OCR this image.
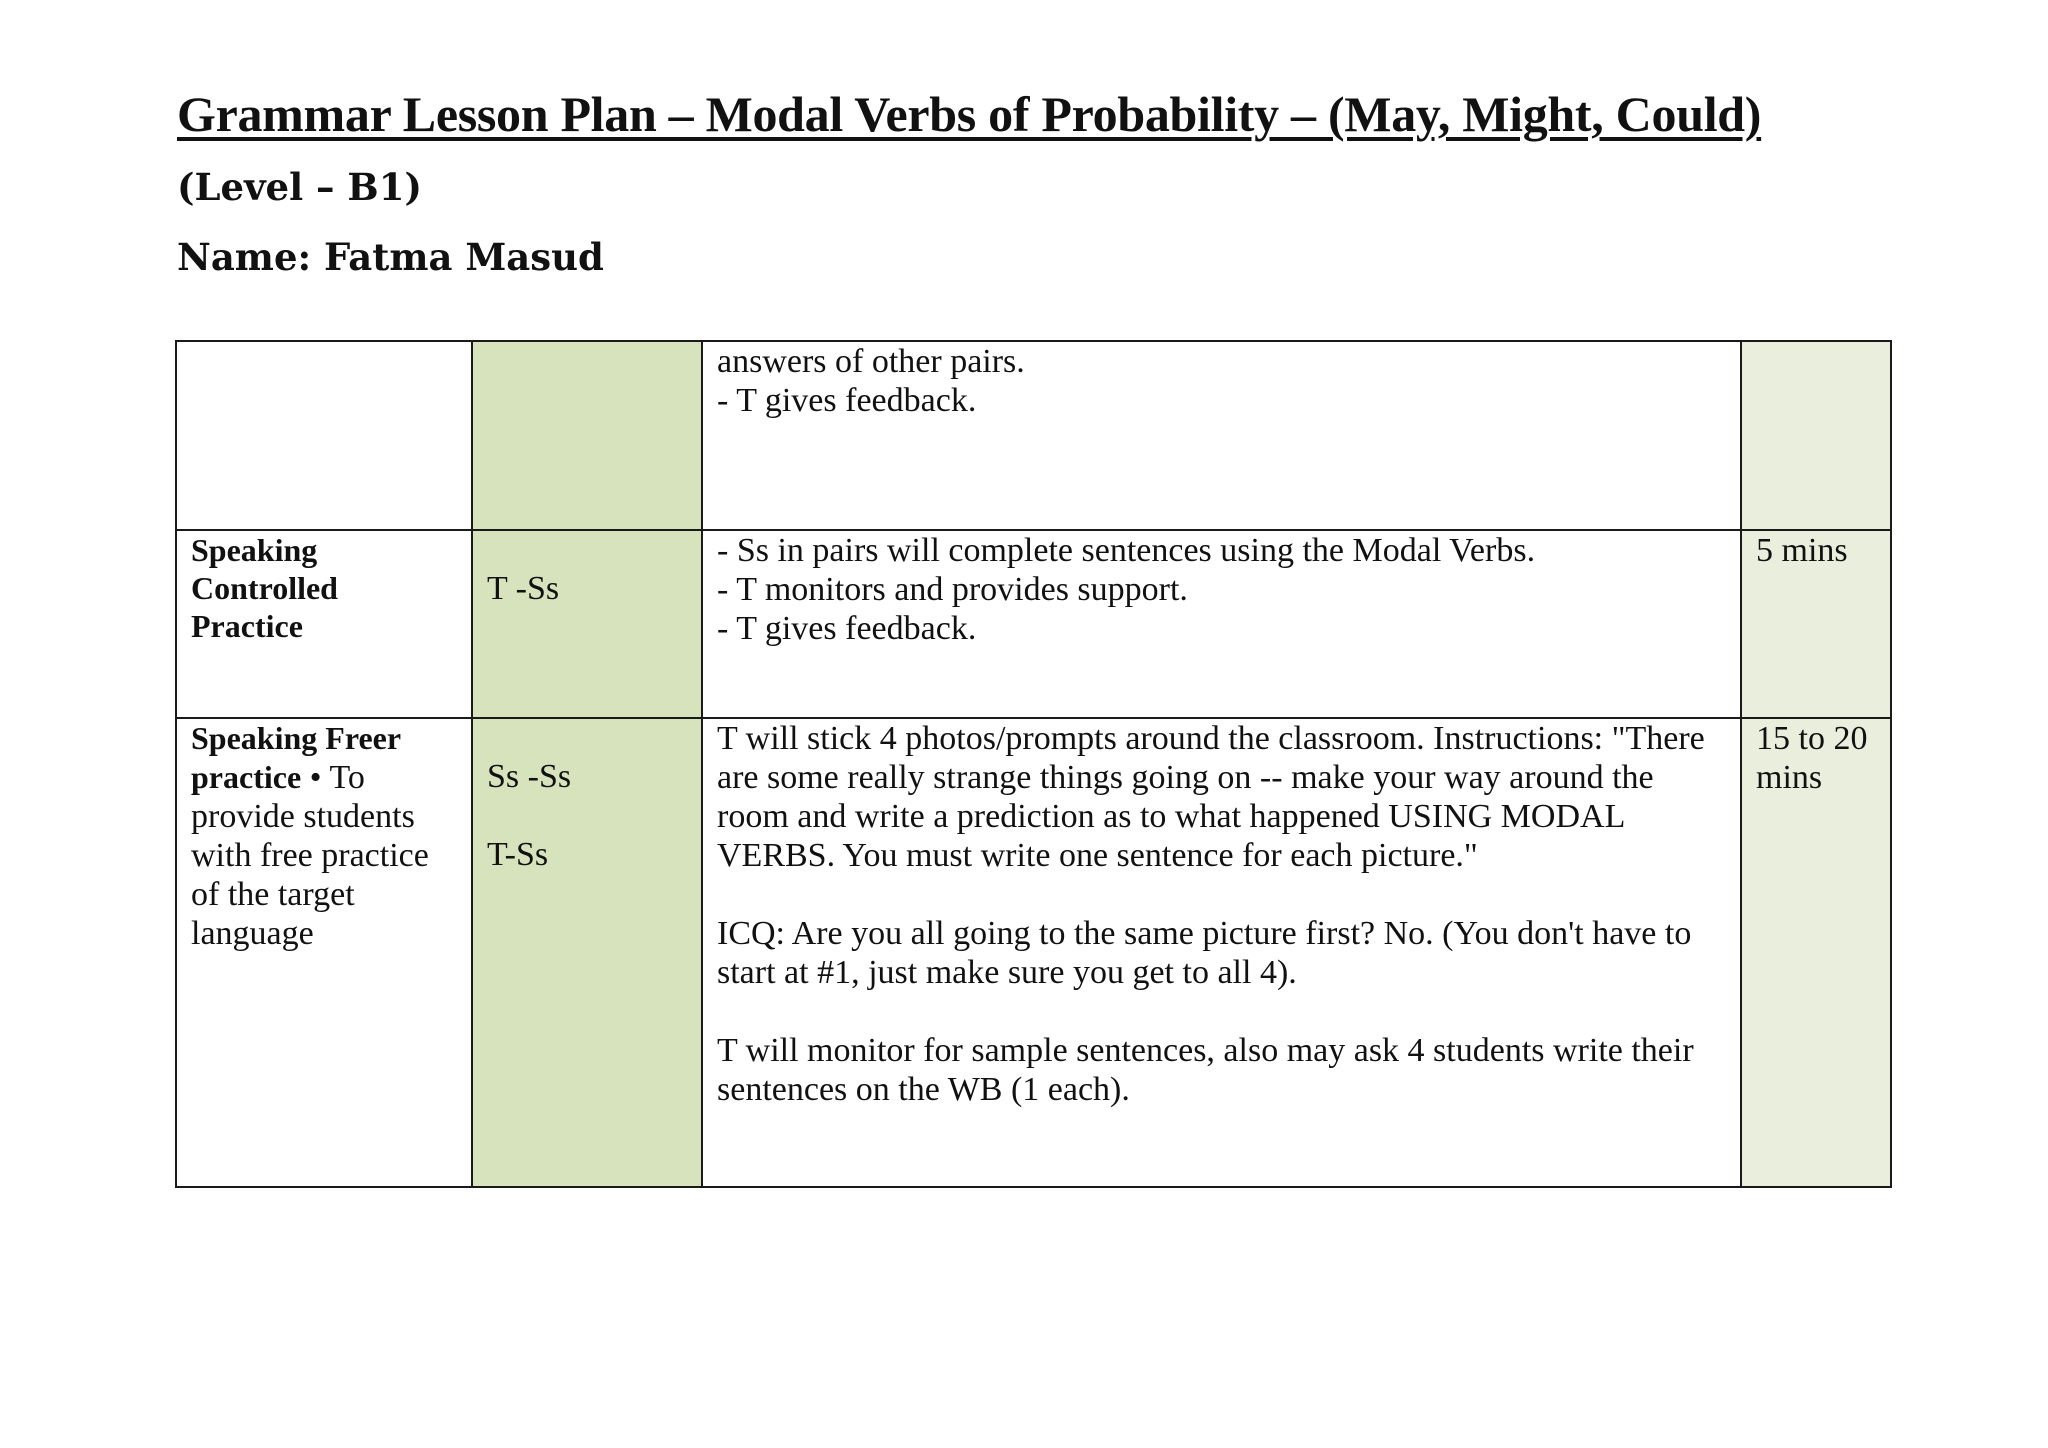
Grammar Lesson Plan – Modal Verbs of Probability – (May, Might, Could)

(Level – B1)

Name: Fatma Masud

		answers of other pairs.
- T gives feedback.	

Speaking
Controlled
Practice	T -Ss	- Ss in pairs will complete sentences using the Modal Verbs.
- T monitors and provides support.
- T gives feedback.	5 mins

Speaking Freer practice • To provide students with free practice of the target language	Ss -Ss
T-Ss	T will stick 4 photos/prompts around the classroom. Instructions: "There are some really strange things going on -- make your way around the room and write a prediction as to what happened USING MODAL VERBS. You must write one sentence for each picture."
ICQ: Are you all going to the same picture first? No. (You don't have to start at #1, just make sure you get to all 4).
T will monitor for sample sentences, also may ask 4 students write their sentences on the WB (1 each).	15 to 20 mins
